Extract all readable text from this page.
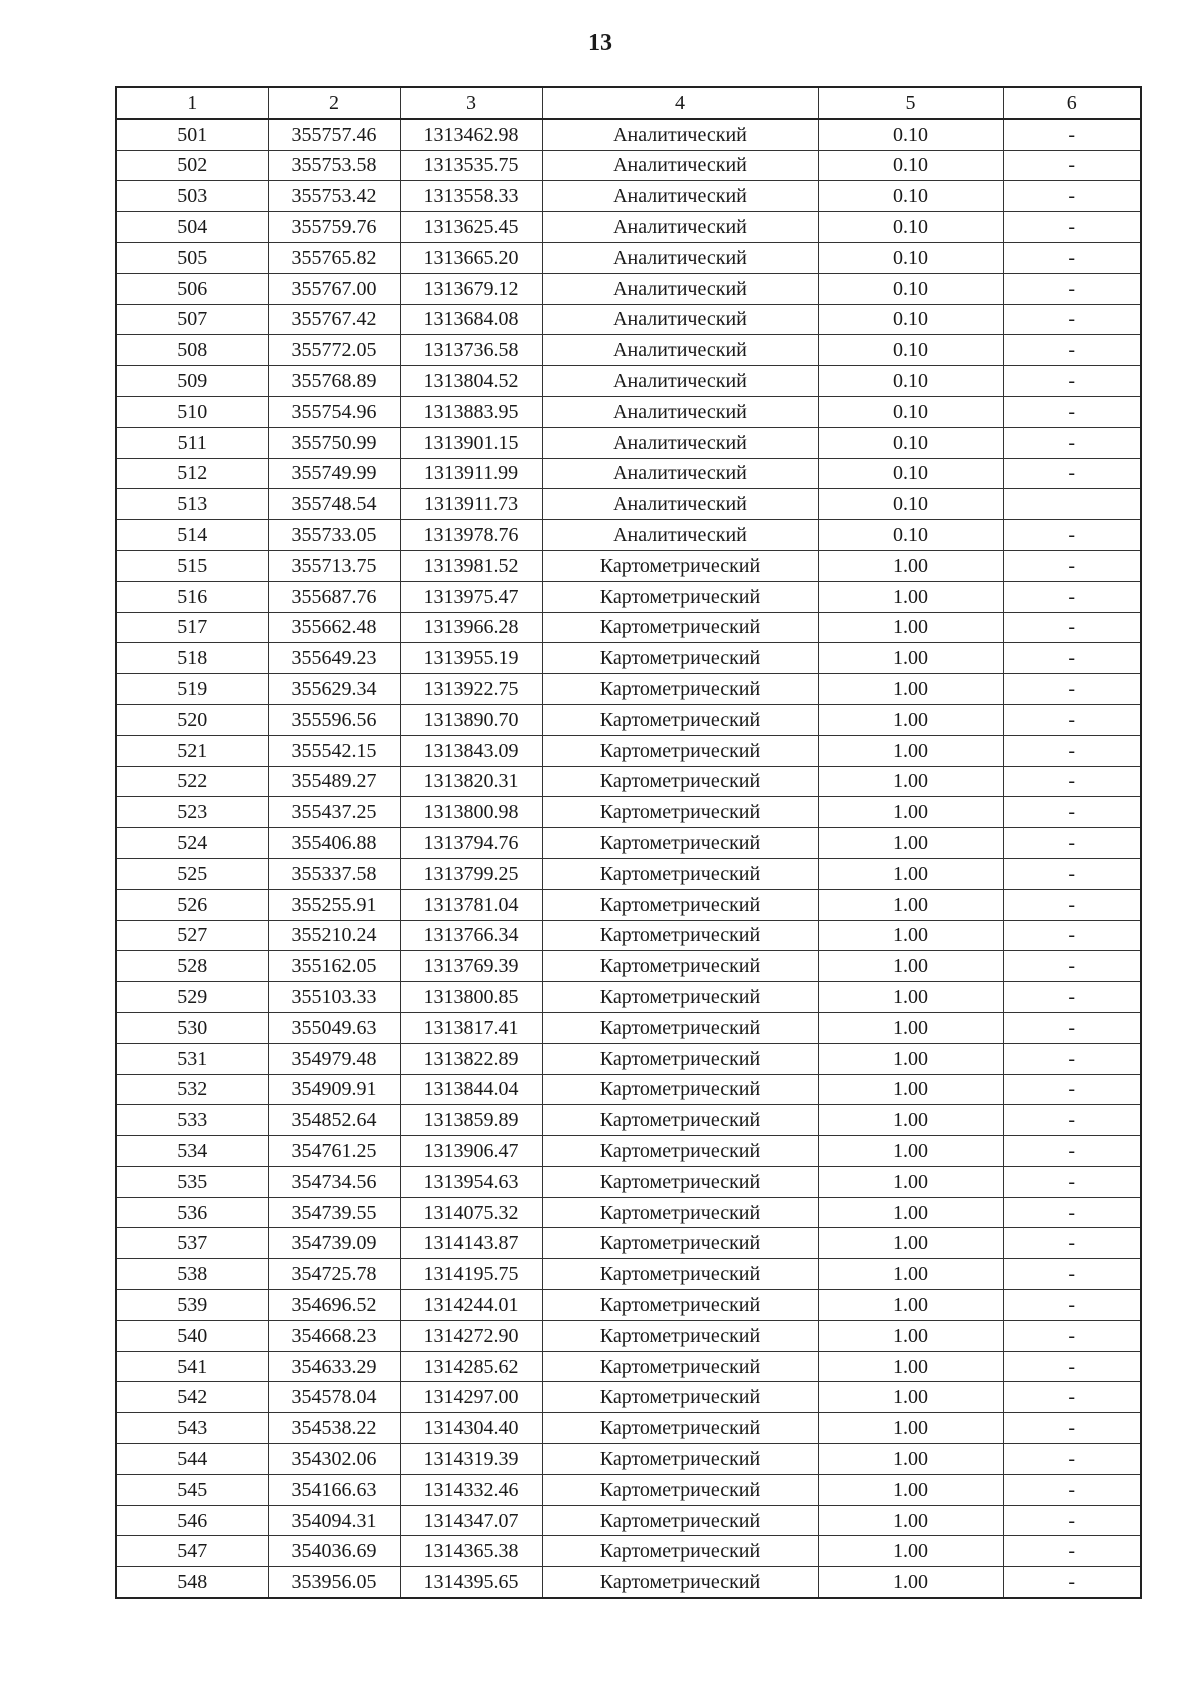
13
1	2	3	4	5	6
501	355757.46	1313462.98	Аналитический	0.10	-
502	355753.58	1313535.75	Аналитический	0.10	-
503	355753.42	1313558.33	Аналитический	0.10	-
504	355759.76	1313625.45	Аналитический	0.10	-
505	355765.82	1313665.20	Аналитический	0.10	-
506	355767.00	1313679.12	Аналитический	0.10	-
507	355767.42	1313684.08	Аналитический	0.10	-
508	355772.05	1313736.58	Аналитический	0.10	-
509	355768.89	1313804.52	Аналитический	0.10	-
510	355754.96	1313883.95	Аналитический	0.10	-
511	355750.99	1313901.15	Аналитический	0.10	-
512	355749.99	1313911.99	Аналитический	0.10	-
513	355748.54	1313911.73	Аналитический	0.10	
514	355733.05	1313978.76	Аналитический	0.10	-
515	355713.75	1313981.52	Картометрический	1.00	-
516	355687.76	1313975.47	Картометрический	1.00	-
517	355662.48	1313966.28	Картометрический	1.00	-
518	355649.23	1313955.19	Картометрический	1.00	-
519	355629.34	1313922.75	Картометрический	1.00	-
520	355596.56	1313890.70	Картометрический	1.00	-
521	355542.15	1313843.09	Картометрический	1.00	-
522	355489.27	1313820.31	Картометрический	1.00	-
523	355437.25	1313800.98	Картометрический	1.00	-
524	355406.88	1313794.76	Картометрический	1.00	-
525	355337.58	1313799.25	Картометрический	1.00	-
526	355255.91	1313781.04	Картометрический	1.00	-
527	355210.24	1313766.34	Картометрический	1.00	-
528	355162.05	1313769.39	Картометрический	1.00	-
529	355103.33	1313800.85	Картометрический	1.00	-
530	355049.63	1313817.41	Картометрический	1.00	-
531	354979.48	1313822.89	Картометрический	1.00	-
532	354909.91	1313844.04	Картометрический	1.00	-
533	354852.64	1313859.89	Картометрический	1.00	-
534	354761.25	1313906.47	Картометрический	1.00	-
535	354734.56	1313954.63	Картометрический	1.00	-
536	354739.55	1314075.32	Картометрический	1.00	-
537	354739.09	1314143.87	Картометрический	1.00	-
538	354725.78	1314195.75	Картометрический	1.00	-
539	354696.52	1314244.01	Картометрический	1.00	-
540	354668.23	1314272.90	Картометрический	1.00	-
541	354633.29	1314285.62	Картометрический	1.00	-
542	354578.04	1314297.00	Картометрический	1.00	-
543	354538.22	1314304.40	Картометрический	1.00	-
544	354302.06	1314319.39	Картометрический	1.00	-
545	354166.63	1314332.46	Картометрический	1.00	-
546	354094.31	1314347.07	Картометрический	1.00	-
547	354036.69	1314365.38	Картометрический	1.00	-
548	353956.05	1314395.65	Картометрический	1.00	-
